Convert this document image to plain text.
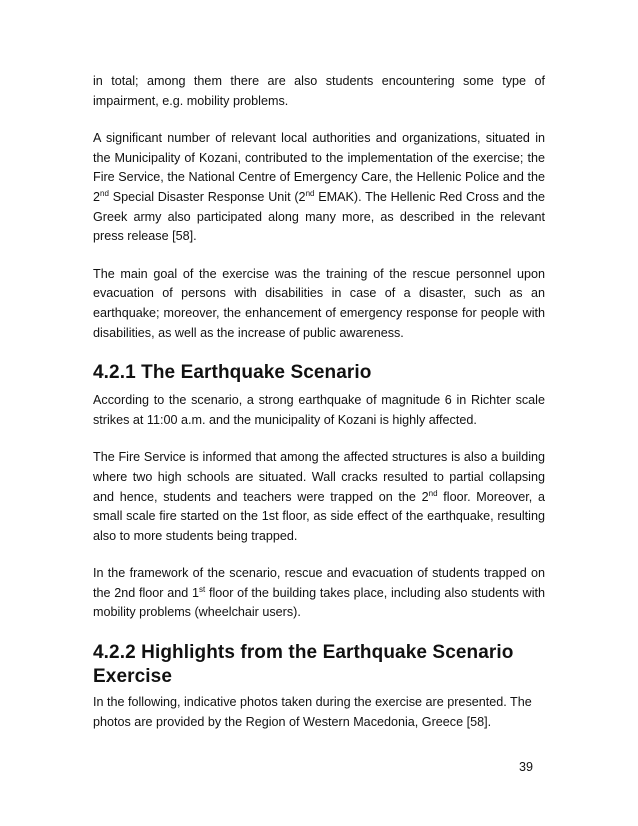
in total; among them there are also students encountering some type of impairment, e.g. mobility problems.

A significant number of relevant local authorities and organizations, situated in the Municipality of Kozani, contributed to the implementation of the exercise; the Fire Service, the National Centre of Emergency Care, the Hellenic Police and the 2nd Special Disaster Response Unit (2nd EMAK). The Hellenic Red Cross and the Greek army also participated along many more, as described in the relevant press release [58].

The main goal of the exercise was the training of the rescue personnel upon evacuation of persons with disabilities in case of a disaster, such as an earthquake; moreover, the enhancement of emergency response for people with disabilities, as well as the increase of public awareness.

4.2.1 The Earthquake Scenario

According to the scenario, a strong earthquake of magnitude 6 in Richter scale strikes at 11:00 a.m. and the municipality of Kozani is highly affected.

The Fire Service is informed that among the affected structures is also a building where two high schools are situated. Wall cracks resulted to partial collapsing and hence, students and teachers were trapped on the 2nd floor. Moreover, a small scale fire started on the 1st floor, as side effect of the earthquake, resulting also to more students being trapped.

In the framework of the scenario, rescue and evacuation of students trapped on the 2nd floor and 1st floor of the building takes place, including also students with mobility problems (wheelchair users).

4.2.2 Highlights from the Earthquake Scenario Exercise

In the following, indicative photos taken during the exercise are presented. The photos are provided by the Region of Western Macedonia, Greece [58].

39
